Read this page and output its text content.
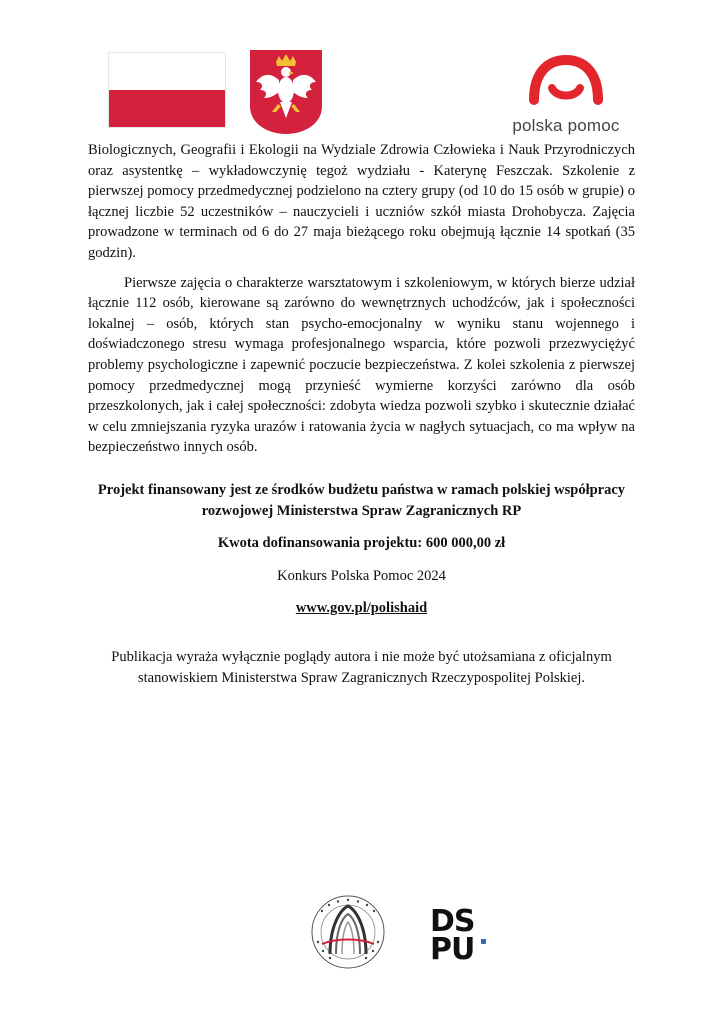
polska pomoc

Biologicznych, Geografii i Ekologii na Wydziale Zdrowia Człowieka i Nauk Przyrodniczych oraz asystentkę – wykładowczynię tegoż wydziału - Katerynę Feszczak. Szkolenie z pierwszej pomocy przedmedycznej podzielono na cztery grupy (od 10 do 15 osób w grupie) o łącznej liczbie 52 uczestników – nauczycieli i uczniów szkół miasta Drohobycza. Zajęcia prowadzone w terminach od 6 do 27 maja bieżącego roku obejmują łącznie 14 spotkań (35 godzin).

Pierwsze zajęcia o charakterze warsztatowym i szkoleniowym, w których bierze udział łącznie 112 osób, kierowane są zarówno do wewnętrznych uchodźców, jak i społeczności lokalnej – osób, których stan psycho-emocjonalny w wyniku stanu wojennego i doświadczonego stresu wymaga profesjonalnego wsparcia, które pozwoli przezwyciężyć problemy psychologiczne i zapewnić poczucie bezpieczeństwa. Z kolei szkolenia z pierwszej pomocy przedmedycznej mogą przynieść wymierne korzyści zarówno dla osób przeszkolonych, jak i całej społeczności: zdobyta wiedza pozwoli szybko i skutecznie działać w celu zmniejszania ryzyka urazów i ratowania życia w nagłych sytuacjach, co ma wpływ na bezpieczeństwo innych osób.

Projekt finansowany jest ze środków budżetu państwa w ramach polskiej współpracy
rozwojowej Ministerstwa Spraw Zagranicznych RP
Kwota dofinansowania projektu: 600 000,00 zł
Konkurs Polska Pomoc 2024
www.gov.pl/polishaid
Publikacja wyraża wyłącznie poglądy autora i nie może być utożsamiana z oficjalnym
stanowiskiem Ministerstwa Spraw Zagranicznych Rzeczypospolitej Polskiej.
DS
PU
